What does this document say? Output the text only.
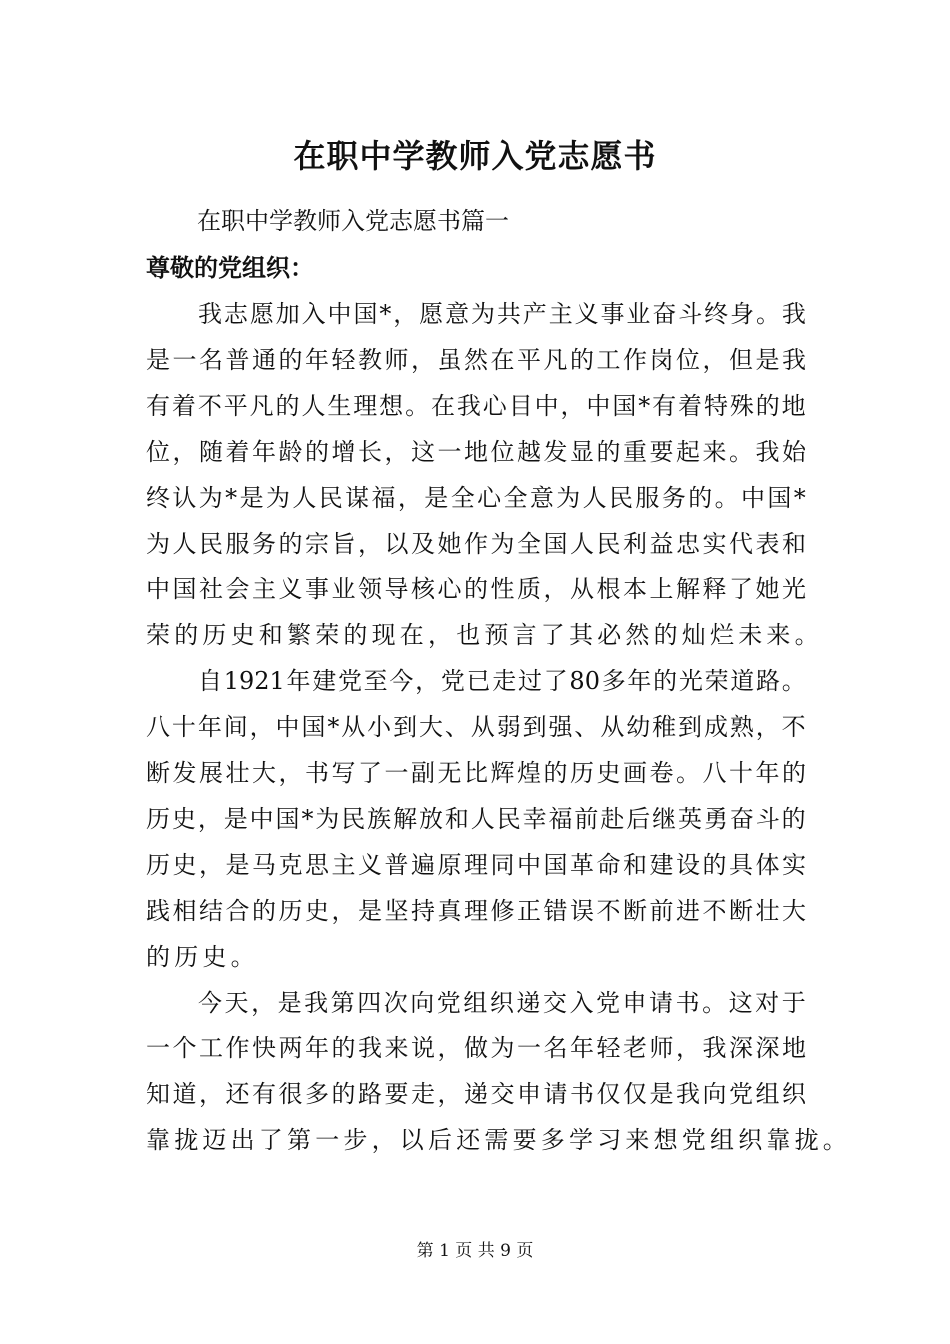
在职中学教师入党志愿书
在职中学教师入党志愿书篇一
尊敬的党组织：
我 志 愿 加 入 中 国 * ， 愿 意 为 共 产 主 义 事 业 奋 斗 终 身 。 我
是 一 名 普 通 的 年 轻 教 师 ， 虽 然 在 平 凡 的 工 作 岗 位 ， 但 是 我
有 着 不 平 凡 的 人 生 理 想 。 在 我 心 目 中 ， 中 国 * 有 着 特 殊 的 地
位 ， 随 着 年 龄 的 增 长 ， 这 一 地 位 越 发 显 的 重 要 起 来 。 我 始
终 认 为 * 是 为 人 民 谋 福 ， 是 全 心 全 意 为 人 民 服 务 的 。 中 国 *
为 人 民 服 务 的 宗 旨 ， 以 及 她 作 为 全 国 人 民 利 益 忠 实 代 表 和
中 国 社 会 主 义 事 业 领 导 核 心 的 性 质 ， 从 根 本 上 解 释 了 她 光
荣的历史和繁荣的现在，也预言了其必然的灿烂未来。
自 1921 年 建 党 至 今 ， 党 已 走 过 了 80 多 年 的 光 荣 道 路 。
八 十 年 间 ， 中 国 * 从 小 到 大 、 从 弱 到 强 、 从 幼 稚 到 成 熟 ， 不
断 发 展 壮 大 ， 书 写 了 一 副 无 比 辉 煌 的 历 史 画 卷 。 八 十 年 的
历 史 ， 是 中 国 * 为 民 族 解 放 和 人 民 幸 福 前 赴 后 继 英 勇 奋 斗 的
历 史 ， 是 马 克 思 主 义 普 遍 原 理 同 中 国 革 命 和 建 设 的 具 体 实
践 相 结 合 的 历 史 ， 是 坚 持 真 理 修 正 错 误 不 断 前 进 不 断 壮 大
的历史。
今 天 ， 是 我 第 四 次 向 党 组 织 递 交 入 党 申 请 书 。 这 对 于
一 个 工 作 快 两 年 的 我 来 说 ， 做 为 一 名 年 轻 老 师 ， 我 深 深 地
知 道 ， 还 有 很 多 的 路 要 走 ， 递 交 申 请 书 仅 仅 是 我 向 党 组 织
靠拢迈出了第一步，以后还需要多学习来想党组织靠拢。
第 1 页 共 9 页
